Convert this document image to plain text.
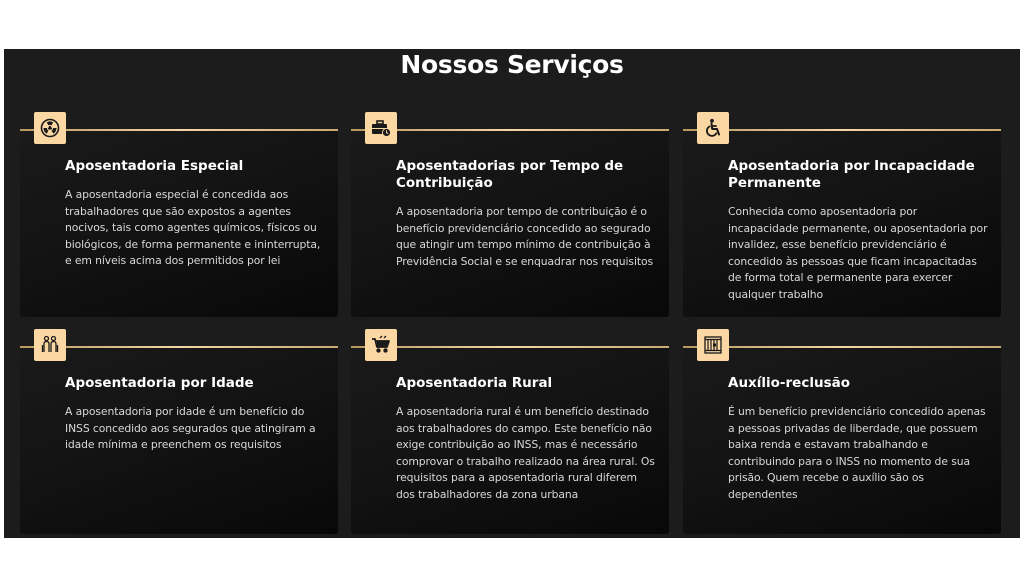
Nossos Serviços
Aposentadoria Especial
A aposentadoria especial é concedida aos trabalhadores que são expostos a agentes nocivos, tais como agentes químicos, físicos ou biológicos, de forma permanente e ininterrupta, e em níveis acima dos permitidos por lei
Aposentadorias por Tempo de Contribuição
A aposentadoria por tempo de contribuição é o benefício previdenciário concedido ao segurado que atingir um tempo mínimo de contribuição à Previdência Social e se enquadrar nos requisitos
Aposentadoria por Incapacidade Permanente
Conhecida como aposentadoria por incapacidade permanente, ou aposentadoria por invalidez, esse benefício previdenciário é concedido às pessoas que ficam incapacitadas de forma total e permanente para exercer qualquer trabalho
Aposentadoria por Idade
A aposentadoria por idade é um benefício do INSS concedido aos segurados que atingiram a idade mínima e preenchem os requisitos
Aposentadoria Rural
A aposentadoria rural é um benefício destinado aos trabalhadores do campo. Este benefício não exige contribuição ao INSS, mas é necessário comprovar o trabalho realizado na área rural. Os requisitos para a aposentadoria rural diferem dos trabalhadores da zona urbana
Auxílio-reclusão
É um benefício previdenciário concedido apenas a pessoas privadas de liberdade, que possuem baixa renda e estavam trabalhando e contribuindo para o INSS no momento de sua prisão. Quem recebe o auxílio são os dependentes
